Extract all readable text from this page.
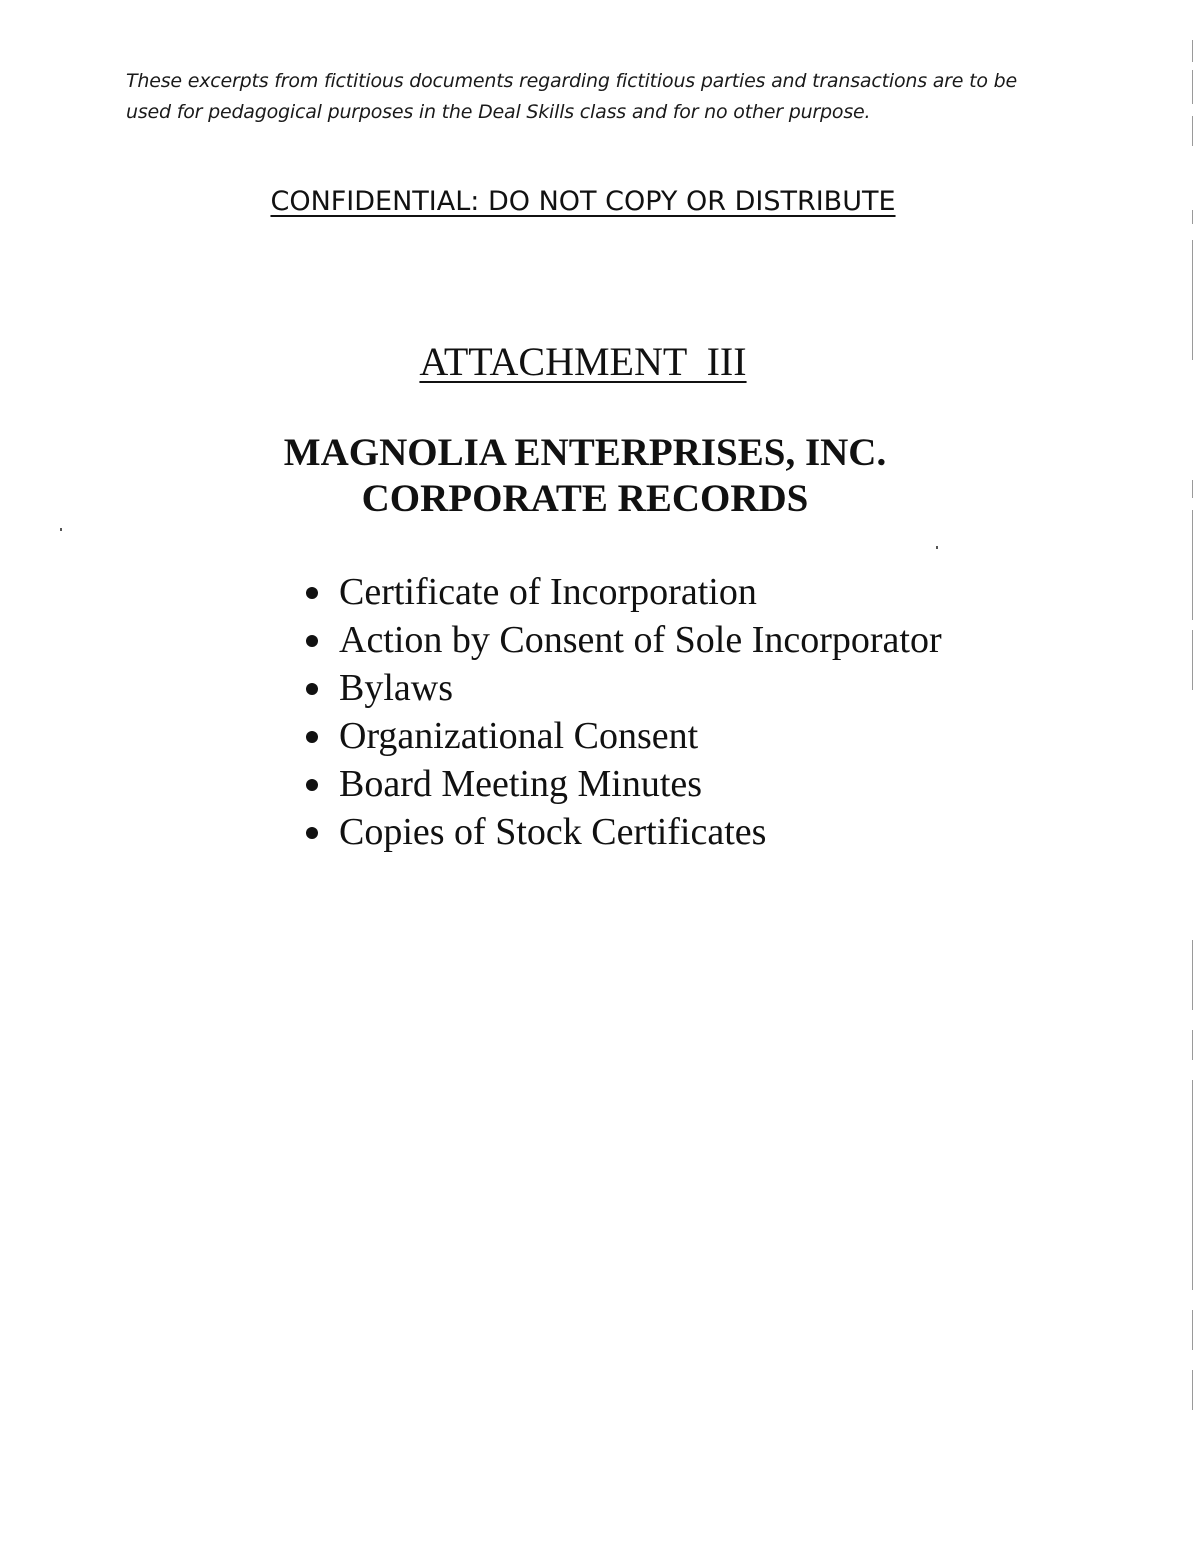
These excerpts from fictitious documents regarding fictitious parties and transactions are to be
used for pedagogical purposes in the Deal Skills class and for no other purpose.
CONFIDENTIAL: DO NOT COPY OR DISTRIBUTE
ATTACHMENT III
MAGNOLIA ENTERPRISES, INC.
CORPORATE RECORDS
Certificate of Incorporation
Action by Consent of Sole Incorporator
Bylaws
Organizational Consent
Board Meeting Minutes
Copies of Stock Certificates
